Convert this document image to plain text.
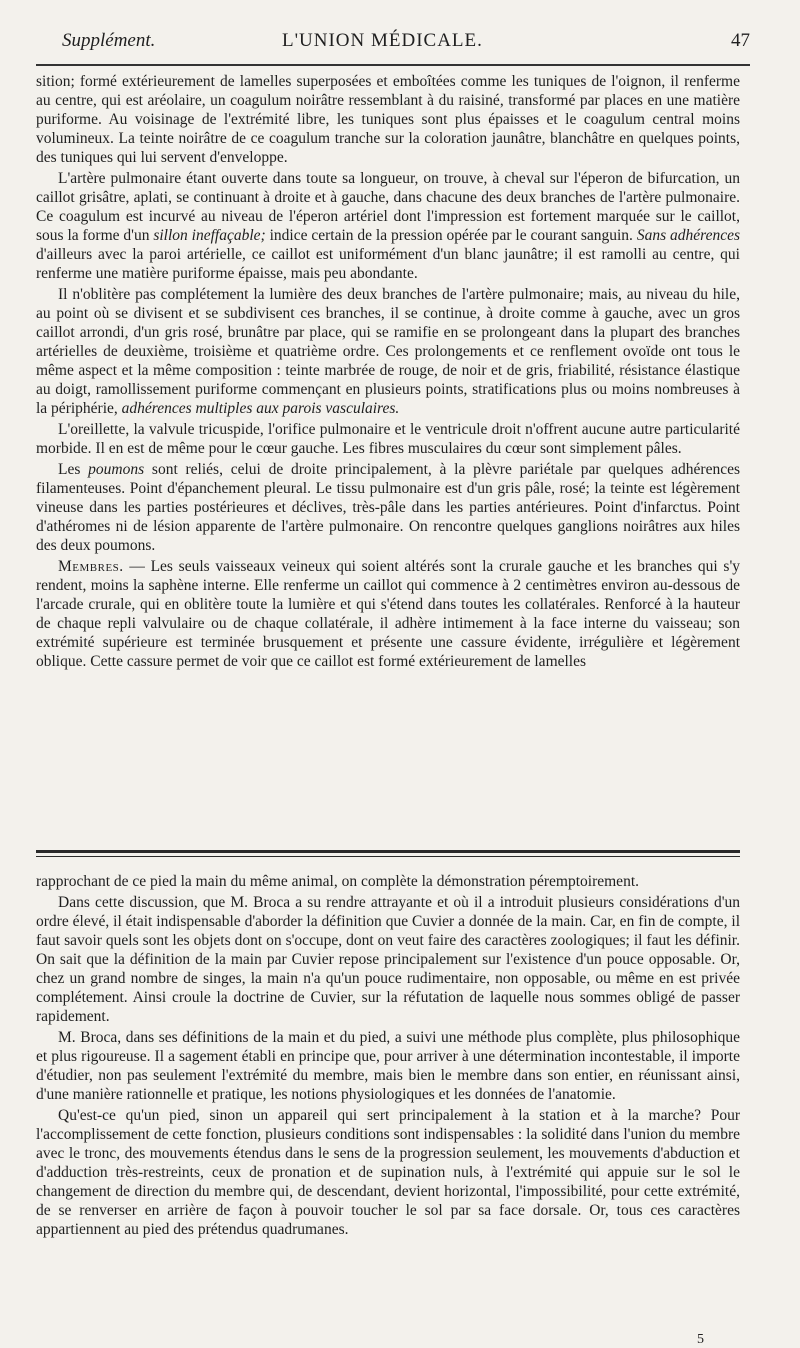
Supplément.	L'UNION MÉDICALE.	47

sition; formé extérieurement de lamelles superposées et emboîtées comme les tuniques de l'oignon, il renferme au centre, qui est aréolaire, un coagulum noirâtre ressemblant à du raisiné, transformé par places en une matière puriforme. Au voisinage de l'extrémité libre, les tuniques sont plus épaisses et le coagulum central moins volumineux. La teinte noirâtre de ce coagulum tranche sur la coloration jaunâtre, blanchâtre en quelques points, des tuniques qui lui servent d'enveloppe.

L'artère pulmonaire étant ouverte dans toute sa longueur, on trouve, à cheval sur l'éperon de bifurcation, un caillot grisâtre, aplati, se continuant à droite et à gauche, dans chacune des deux branches de l'artère pulmonaire. Ce coagulum est incurvé au niveau de l'éperon artériel dont l'impression est fortement marquée sur le caillot, sous la forme d'un sillon ineffaçable; indice certain de la pression opérée par le courant sanguin. Sans adhérences d'ailleurs avec la paroi artérielle, ce caillot est uniformément d'un blanc jaunâtre; il est ramolli au centre, qui renferme une matière puriforme épaisse, mais peu abondante.

Il n'oblitère pas complétement la lumière des deux branches de l'artère pulmonaire; mais, au niveau du hile, au point où se divisent et se subdivisent ces branches, il se continue, à droite comme à gauche, avec un gros caillot arrondi, d'un gris rosé, brunâtre par place, qui se ramifie en se prolongeant dans la plupart des branches artérielles de deuxième, troisième et quatrième ordre. Ces prolongements et ce renflement ovoïde ont tous le même aspect et la même composition : teinte marbrée de rouge, de noir et de gris, friabilité, résistance élastique au doigt, ramollissement puriforme commençant en plusieurs points, stratifications plus ou moins nombreuses à la périphérie, adhérences multiples aux parois vasculaires.

L'oreillette, la valvule tricuspide, l'orifice pulmonaire et le ventricule droit n'offrent aucune autre particularité morbide. Il en est de même pour le cœur gauche. Les fibres musculaires du cœur sont simplement pâles.

Les poumons sont reliés, celui de droite principalement, à la plèvre pariétale par quelques adhérences filamenteuses. Point d'épanchement pleural. Le tissu pulmonaire est d'un gris pâle, rosé; la teinte est légèrement vineuse dans les parties postérieures et déclives, très-pâle dans les parties antérieures. Point d'infarctus. Point d'athéromes ni de lésion apparente de l'artère pulmonaire. On rencontre quelques ganglions noirâtres aux hiles des deux poumons.

Membres. — Les seuls vaisseaux veineux qui soient altérés sont la crurale gauche et les branches qui s'y rendent, moins la saphène interne. Elle renferme un caillot qui commence à 2 centimètres environ au-dessous de l'arcade crurale, qui en oblitère toute la lumière et qui s'étend dans toutes les collatérales. Renforcé à la hauteur de chaque repli valvulaire ou de chaque collatérale, il adhère intimement à la face interne du vaisseau; son extrémité supérieure est terminée brusquement et présente une cassure évidente, irrégulière et légèrement oblique. Cette cassure permet de voir que ce caillot est formé extérieurement de lamelles

rapprochant de ce pied la main du même animal, on complète la démonstration péremptoirement.

Dans cette discussion, que M. Broca a su rendre attrayante et où il a introduit plusieurs considérations d'un ordre élevé, il était indispensable d'aborder la définition que Cuvier a donnée de la main. Car, en fin de compte, il faut savoir quels sont les objets dont on s'occupe, dont on veut faire des caractères zoologiques; il faut les définir. On sait que la définition de la main par Cuvier repose principalement sur l'existence d'un pouce opposable. Or, chez un grand nombre de singes, la main n'a qu'un pouce rudimentaire, non opposable, ou même en est privée complétement. Ainsi croule la doctrine de Cuvier, sur la réfutation de laquelle nous sommes obligé de passer rapidement.

M. Broca, dans ses définitions de la main et du pied, a suivi une méthode plus complète, plus philosophique et plus rigoureuse. Il a sagement établi en principe que, pour arriver à une détermination incontestable, il importe d'étudier, non pas seulement l'extrémité du membre, mais bien le membre dans son entier, en réunissant ainsi, d'une manière rationnelle et pratique, les notions physiologiques et les données de l'anatomie.

Qu'est-ce qu'un pied, sinon un appareil qui sert principalement à la station et à la marche? Pour l'accomplissement de cette fonction, plusieurs conditions sont indispensables : la solidité dans l'union du membre avec le tronc, des mouvements étendus dans le sens de la progression seulement, les mouvements d'abduction et d'adduction très-restreints, ceux de pronation et de supination nuls, à l'extrémité qui appuie sur le sol le changement de direction du membre qui, de descendant, devient horizontal, l'impossibilité, pour cette extrémité, de se renverser en arrière de façon à pouvoir toucher le sol par sa face dorsale. Or, tous ces caractères appartiennent au pied des prétendus quadrumanes.

5
